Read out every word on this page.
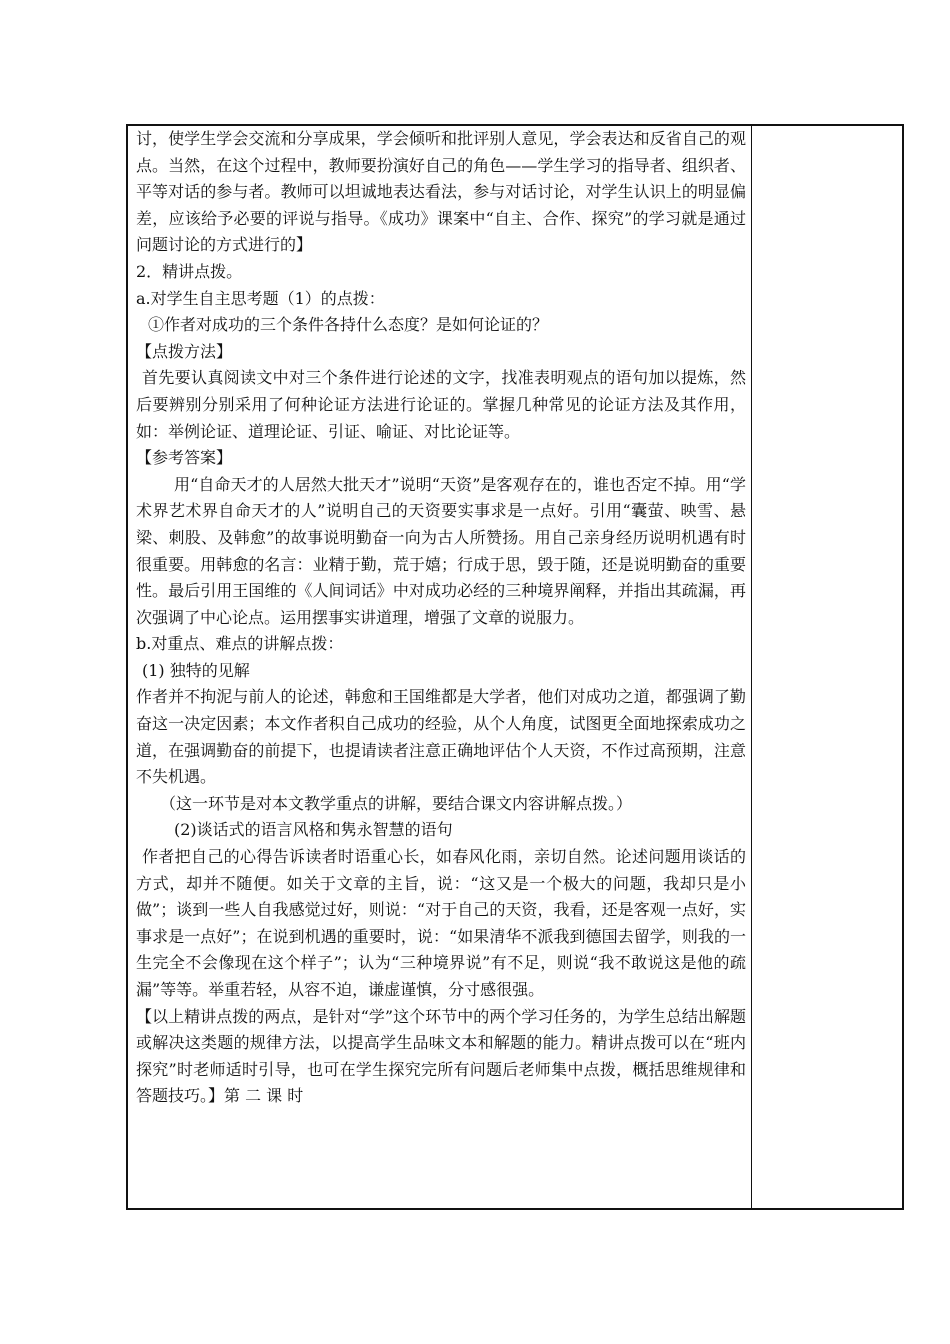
讨，使学生学会交流和分享成果，学会倾听和批评别人意见，学会表达和反省自己的观点。当然，在这个过程中，教师要扮演好自己的角色——学生学习的指导者、组织者、平等对话的参与者。教师可以坦诚地表达看法，参与对话讨论，对学生认识上的明显偏差，应该给予必要的评说与指导。《成功》课案中“自主、合作、探究”的学习就是通过问题讨论的方式进行的】

2．精讲点拨。

a.对学生自主思考题（1）的点拨：

①作者对成功的三个条件各持什么态度？是如何论证的？

【点拨方法】

首先要认真阅读文中对三个条件进行论述的文字，找准表明观点的语句加以提炼，然后要辨别分别采用了何种论证方法进行论证的。掌握几种常见的论证方法及其作用，如：举例论证、道理论证、引证、喻证、对比论证等。

【参考答案】

用“自命天才的人居然大批天才”说明“天资”是客观存在的，谁也否定不掉。用“学术界艺术界自命天才的人”说明自己的天资要实事求是一点好。引用“囊萤、映雪、悬梁、刺股、及韩愈”的故事说明勤奋一向为古人所赞扬。用自己亲身经历说明机遇有时很重要。用韩愈的名言：业精于勤，荒于嬉；行成于思，毁于随，还是说明勤奋的重要性。最后引用王国维的《人间词话》中对成功必经的三种境界阐释，并指出其疏漏，再次强调了中心论点。运用摆事实讲道理，增强了文章的说服力。

b.对重点、难点的讲解点拨：

(1) 独特的见解

作者并不拘泥与前人的论述，韩愈和王国维都是大学者，他们对成功之道，都强调了勤奋这一决定因素；本文作者积自己成功的经验，从个人角度，试图更全面地探索成功之道，在强调勤奋的前提下，也提请读者注意正确地评估个人天资，不作过高预期，注意不失机遇。

（这一环节是对本文教学重点的讲解，要结合课文内容讲解点拨。）

(2)谈话式的语言风格和隽永智慧的语句

作者把自己的心得告诉读者时语重心长，如春风化雨，亲切自然。论述问题用谈话的方式，却并不随便。如关于文章的主旨，说：“这又是一个极大的问题，我却只是小做”；谈到一些人自我感觉过好，则说：“对于自己的天资，我看，还是客观一点好，实事求是一点好”；在说到机遇的重要时，说：“如果清华不派我到德国去留学，则我的一生完全不会像现在这个样子”；认为“三种境界说”有不足，则说“我不敢说这是他的疏漏”等等。举重若轻，从容不迫，谦虚谨慎，分寸感很强。

【以上精讲点拨的两点，是针对“学”这个环节中的两个学习任务的，为学生总结出解题或解决这类题的规律方法，以提高学生品味文本和解题的能力。精讲点拨可以在“班内探究”时老师适时引导，也可在学生探究完所有问题后老师集中点拨，概括思维规律和答题技巧。】第 二 课 时
